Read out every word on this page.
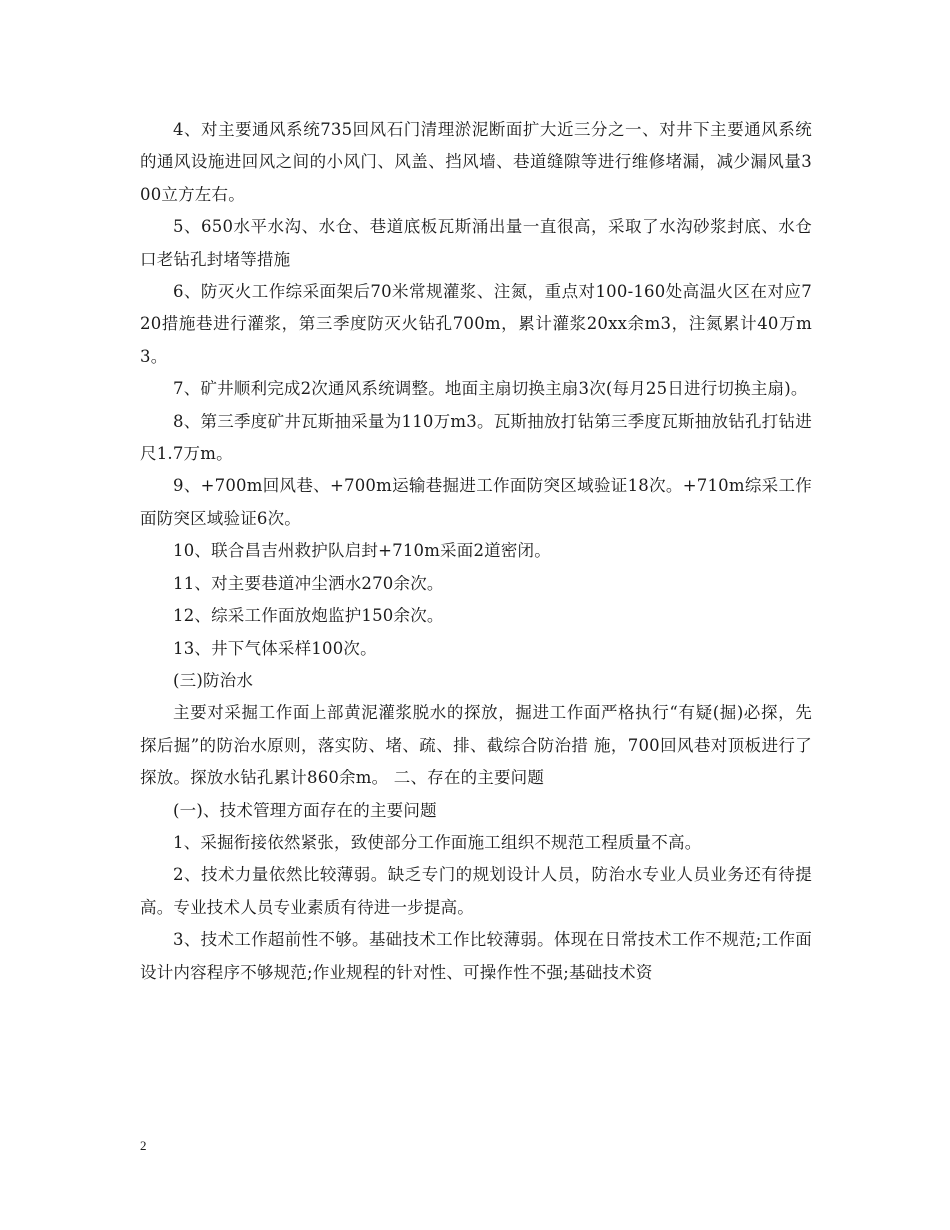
4、对主要通风系统735回风石门清理淤泥断面扩大近三分之一、对井下主要通风系统的通风设施进回风之间的小风门、风盖、挡风墙、巷道缝隙等进行维修堵漏，减少漏风量300立方左右。

5、650水平水沟、水仓、巷道底板瓦斯涌出量一直很高，采取了水沟砂浆封底、水仓口老钻孔封堵等措施

6、防灭火工作综采面架后70米常规灌浆、注氮，重点对100-160处高温火区在对应720措施巷进行灌浆，第三季度防灭火钻孔700m，累计灌浆20xx余m3，注氮累计40万m3。

7、矿井顺利完成2次通风系统调整。地面主扇切换主扇3次(每月25日进行切换主扇)。

8、第三季度矿井瓦斯抽采量为110万m3。瓦斯抽放打钻第三季度瓦斯抽放钻孔打钻进尺1.7万m。

9、+700m回风巷、+700m运输巷掘进工作面防突区域验证18次。+710m综采工作面防突区域验证6次。

10、联合昌吉州救护队启封+710m采面2道密闭。

11、对主要巷道冲尘洒水270余次。

12、综采工作面放炮监护150余次。

13、井下气体采样100次。

(三)防治水

主要对采掘工作面上部黄泥灌浆脱水的探放，掘进工作面严格执行“有疑(掘)必探，先探后掘”的防治水原则，落实防、堵、疏、排、截综合防治措 施，700回风巷对顶板进行了探放。探放水钻孔累计860余m。 二、存在的主要问题

(一)、技术管理方面存在的主要问题

1、采掘衔接依然紧张，致使部分工作面施工组织不规范工程质量不高。

2、技术力量依然比较薄弱。缺乏专门的规划设计人员，防治水专业人员业务还有待提高。专业技术人员专业素质有待进一步提高。

3、技术工作超前性不够。基础技术工作比较薄弱。体现在日常技术工作不规范;工作面设计内容程序不够规范;作业规程的针对性、可操作性不强;基础技术资

2
